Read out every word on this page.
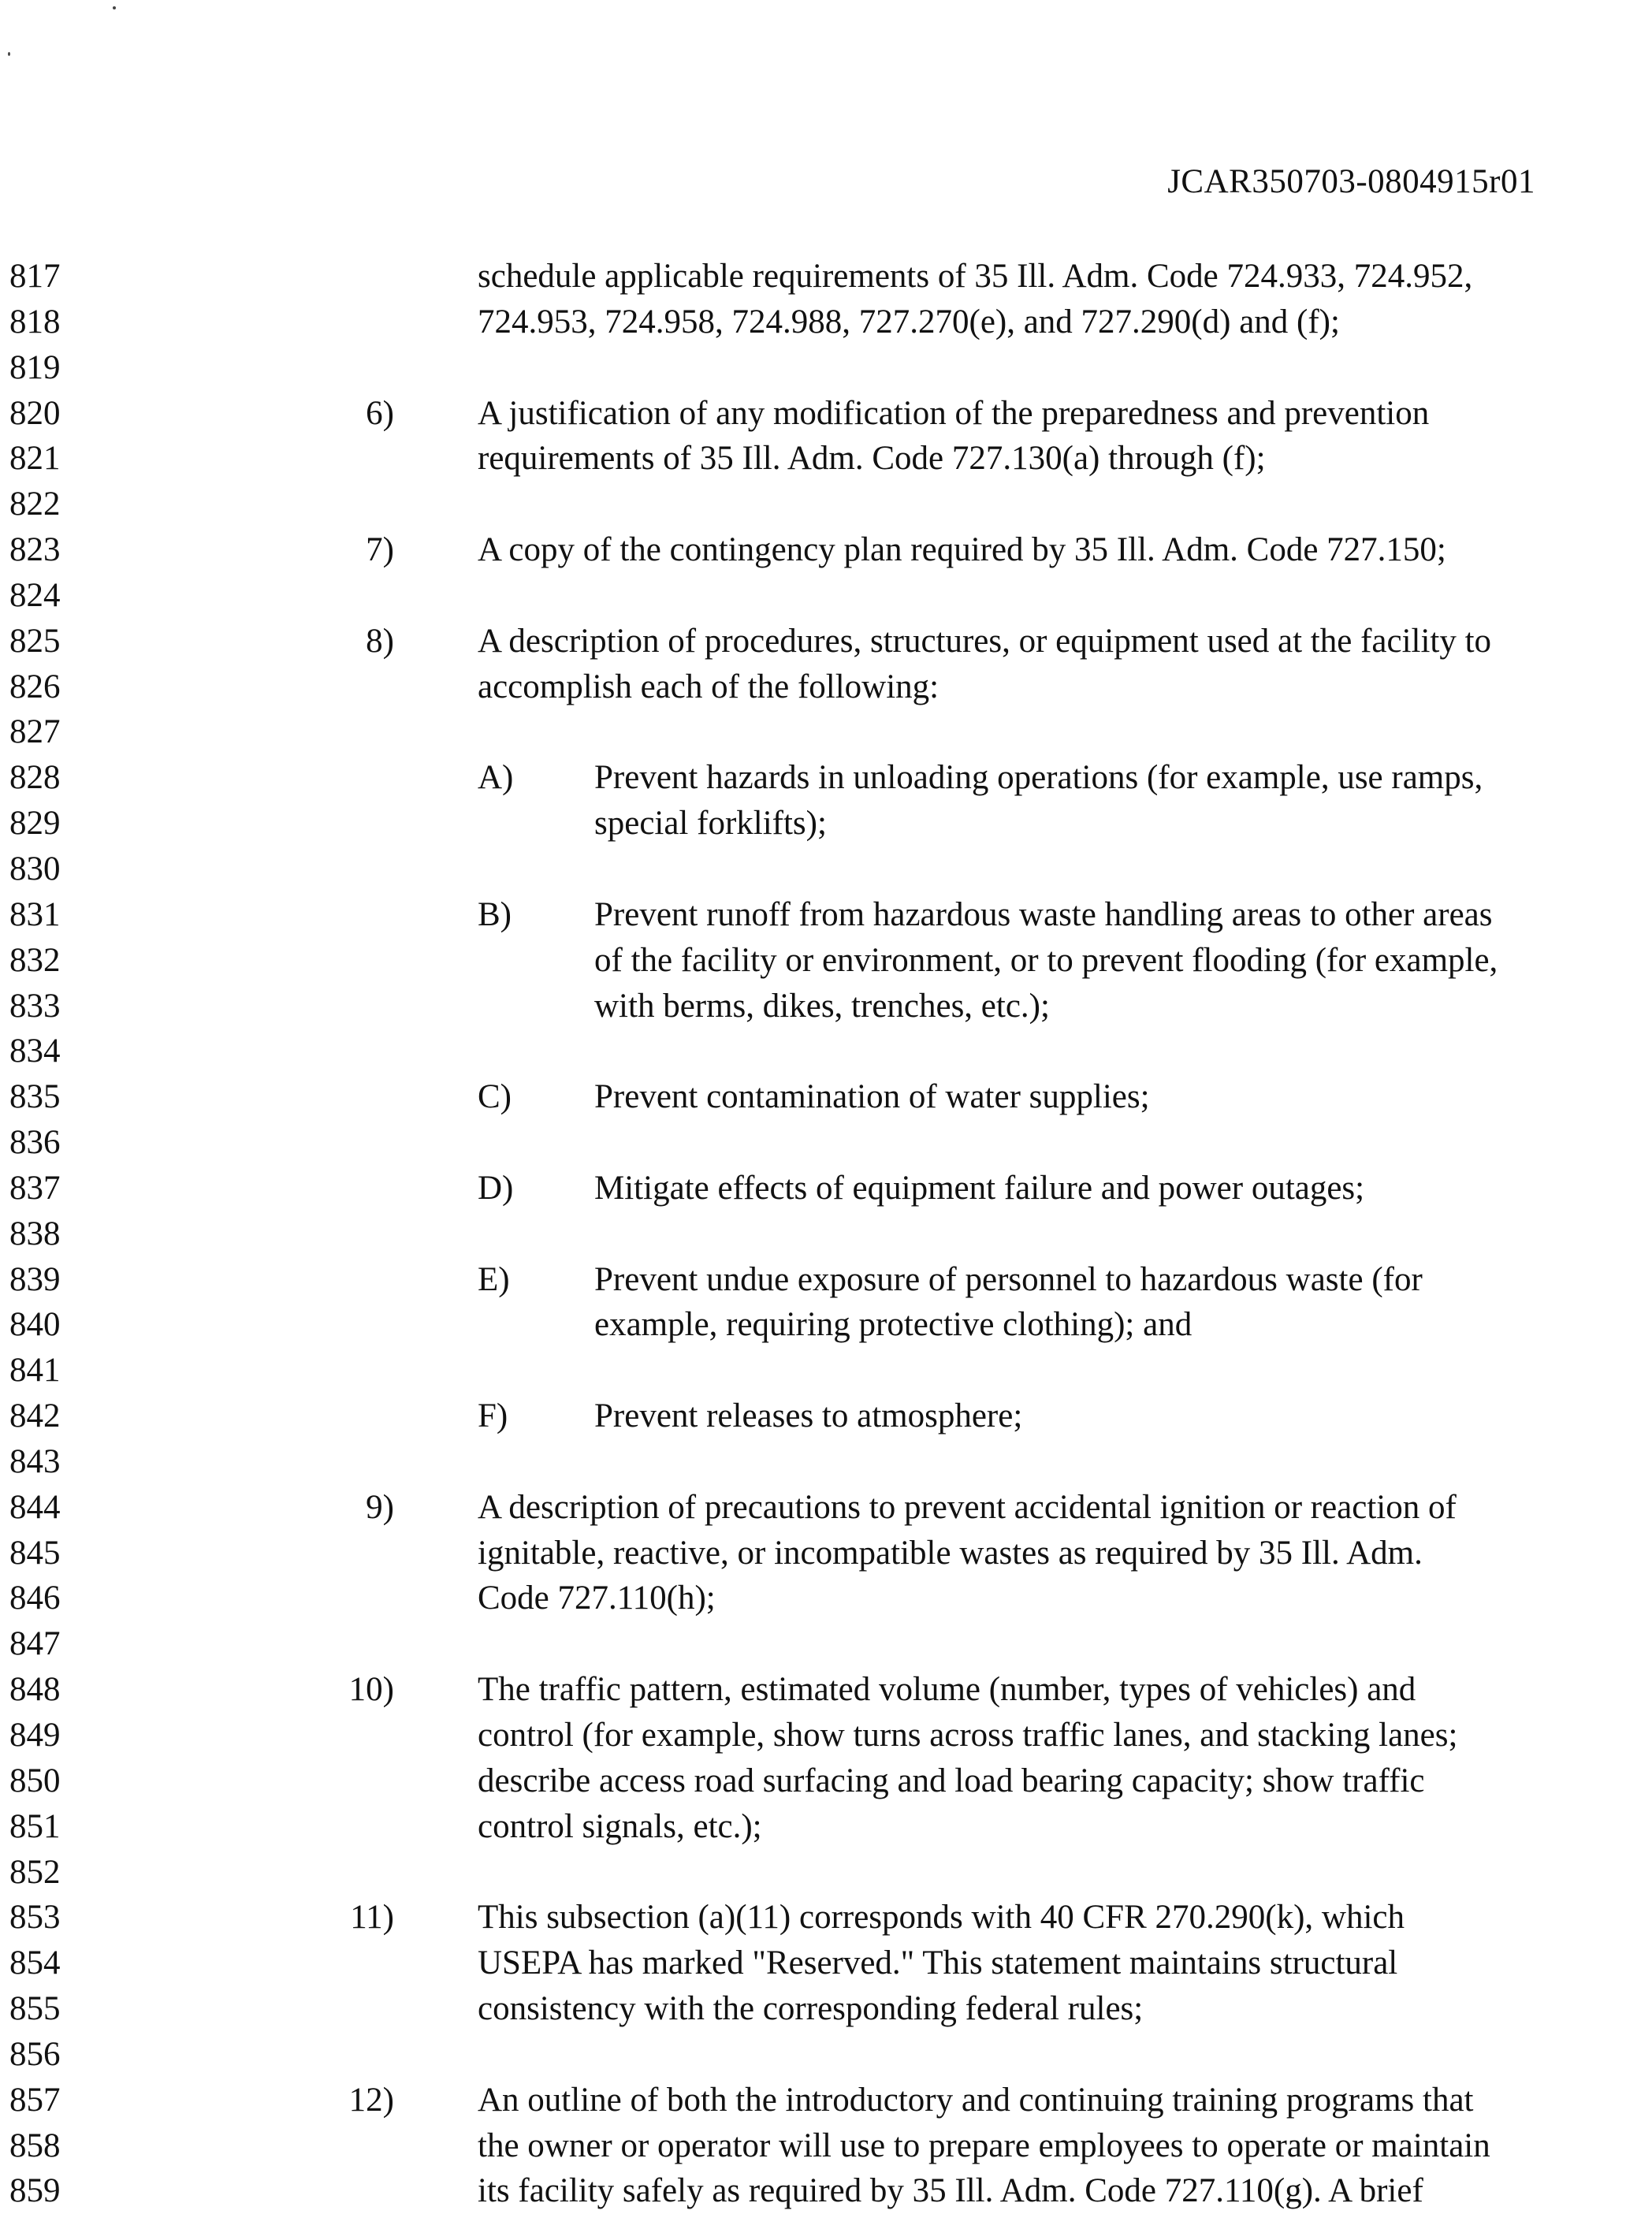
JCAR350703-0804915r01
817	schedule applicable requirements of 35 Ill. Adm. Code 724.933, 724.952,
818	724.953, 724.958, 724.988, 727.270(e), and 727.290(d) and (f);
819
820	6) A justification of any modification of the preparedness and prevention
821	requirements of 35 Ill. Adm. Code 727.130(a) through (f);
822
823	7) A copy of the contingency plan required by 35 Ill. Adm. Code 727.150;
824
825	8) A description of procedures, structures, or equipment used at the facility to
826	accomplish each of the following:
827
828	A) Prevent hazards in unloading operations (for example, use ramps,
829	special forklifts);
830
831	B) Prevent runoff from hazardous waste handling areas to other areas
832	of the facility or environment, or to prevent flooding (for example,
833	with berms, dikes, trenches, etc.);
834
835	C) Prevent contamination of water supplies;
836
837	D) Mitigate effects of equipment failure and power outages;
838
839	E) Prevent undue exposure of personnel to hazardous waste (for
840	example, requiring protective clothing); and
841
842	F)	Prevent releases to atmosphere;
843
844	9) A description of precautions to prevent accidental ignition or reaction of
845	ignitable, reactive, or incompatible wastes as required by 35 Ill. Adm.
846	Code 727.110(h);
847
848	10) The traffic pattern, estimated volume (number, types of vehicles) and
849	control (for example, show turns across traffic lanes, and stacking lanes;
850	describe access road surfacing and load bearing capacity; show traffic
851	control signals, etc.);
852
853	11) This subsection (a)(11) corresponds with 40 CFR 270.290(k), which
854	USEPA has marked "Reserved." This statement maintains structural
855	consistency with the corresponding federal rules;
856
857	12) An outline of both the introductory and continuing training programs that
858	the owner or operator will use to prepare employees to operate or maintain
859	its facility safely as required by 35 Ill. Adm. Code 727.110(g). A brief
